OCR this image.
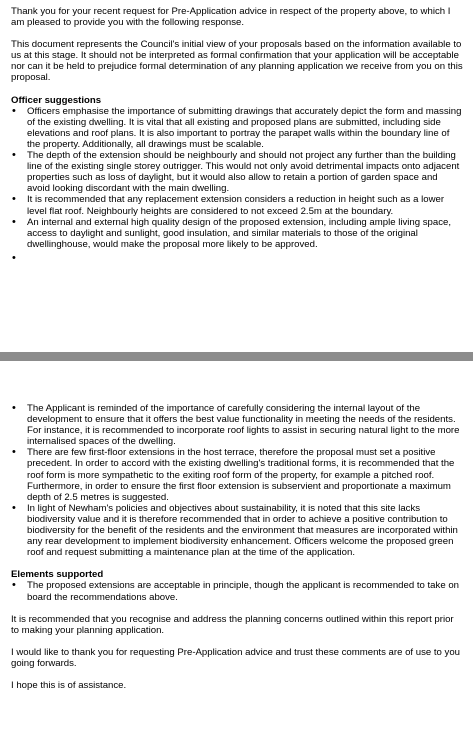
Thank you for your recent request for Pre-Application advice in respect of the property above, to which I am pleased to provide you with the following response.

This document represents the Council's initial view of your proposals based on the information available to us at this stage. It should not be interpreted as formal confirmation that your application will be acceptable nor can it be held to prejudice formal determination of any planning application we receive from you on this proposal.

Officer suggestions

• Officers emphasise the importance of submitting drawings that accurately depict the form and massing of the existing dwelling. It is vital that all existing and proposed plans are submitted, including side elevations and roof plans. It is also important to portray the parapet walls within the boundary line of the property. Additionally, all drawings must be scalable.
• The depth of the extension should be neighbourly and should not project any further than the building line of the existing single storey outrigger. This would not only avoid detrimental impacts onto adjacent properties such as loss of daylight, but it would also allow to retain a portion of garden space and avoid looking discordant with the main dwelling.
• It is recommended that any replacement extension considers a reduction in height such as a lower level flat roof. Neighbourly heights are considered to not exceed 2.5m at the boundary.
• An internal and external high quality design of the proposed extension, including ample living space, access to daylight and sunlight, good insulation, and similar materials to those of the original dwellinghouse, would make the proposal more likely to be approved.
•
• The Applicant is reminded of the importance of carefully considering the internal layout of the development to ensure that it offers the best value functionality in meeting the needs of the residents. For instance, it is recommended to incorporate roof lights to assist in securing natural light to the more internalised spaces of the dwelling.
• There are few first-floor extensions in the host terrace, therefore the proposal must set a positive precedent. In order to accord with the existing dwelling's traditional forms, it is recommended that the roof form is more sympathetic to the exiting roof form of the property, for example a pitched roof. Furthermore, in order to ensure the first floor extension is subservient and proportionate a maximum depth of 2.5 metres is suggested.
• In light of Newham's policies and objectives about sustainability, it is noted that this site lacks biodiversity value and it is therefore recommended that in order to achieve a positive contribution to biodiversity for the benefit of the residents and the environment that measures are incorporated within any rear development to implement biodiversity enhancement. Officers welcome the proposed green roof and request submitting a maintenance plan at the time of the application.

Elements supported

• The proposed extensions are acceptable in principle, though the applicant is recommended to take on board the recommendations above.

It is recommended that you recognise and address the planning concerns outlined within this report prior to making your planning application.

I would like to thank you for requesting Pre-Application advice and trust these comments are of use to you going forwards.

I hope this is of assistance.
